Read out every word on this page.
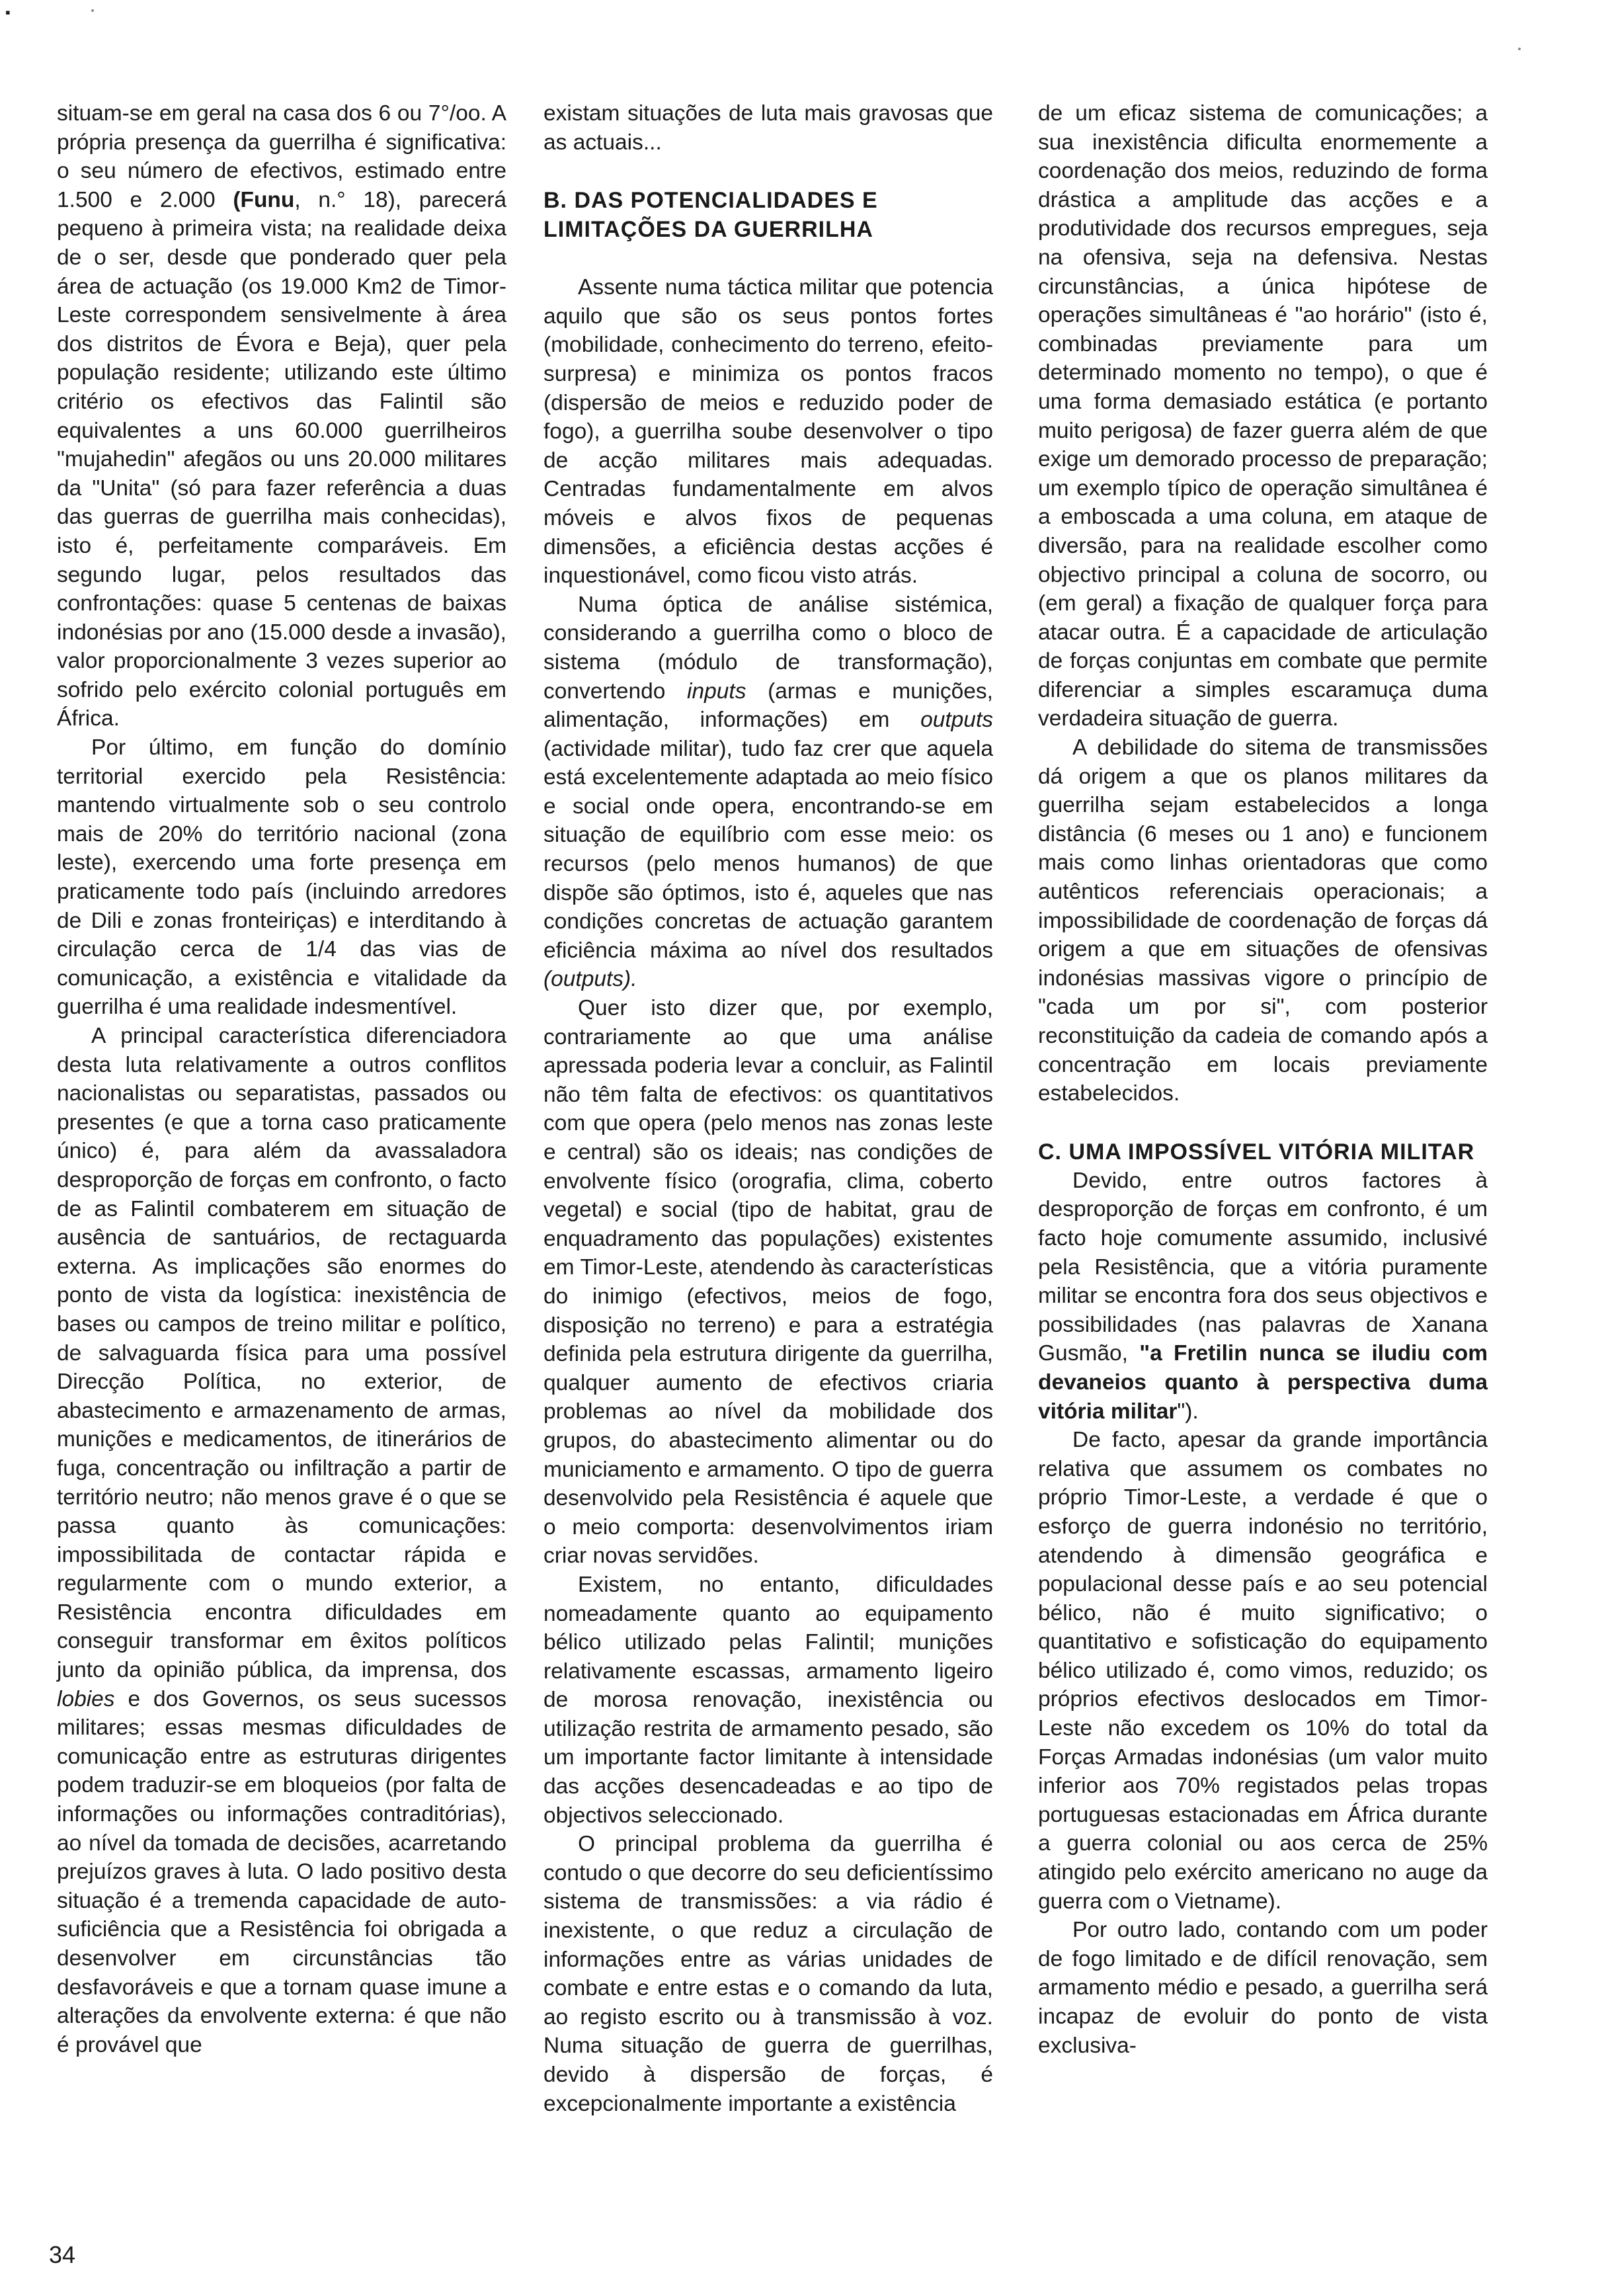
▪

situam-se em geral na casa dos 6 ou 7°/oo. A própria presença da guerrilha é significativa: o seu número de efectivos, estimado entre 1.500 e 2.000 (Funu, n.° 18), parecerá pequeno à primeira vista; na realidade deixa de o ser, desde que ponderado quer pela área de actuação (os 19.000 Km2 de Timor-Leste correspondem sensivelmente à área dos distritos de Évora e Beja), quer pela população residente; utilizando este último critério os efectivos das Falintil são equivalentes a uns 60.000 guerrilheiros "mujahedin" afegãos ou uns 20.000 militares da "Unita" (só para fazer referência a duas das guerras de guerrilha mais conhecidas), isto é, perfeitamente comparáveis. Em segundo lugar, pelos resultados das confrontações: quase 5 centenas de baixas indonésias por ano (15.000 desde a invasão), valor proporcionalmente 3 vezes superior ao sofrido pelo exército colonial português em África.

Por último, em função do domínio territorial exercido pela Resistência: mantendo virtualmente sob o seu controlo mais de 20% do território nacional (zona leste), exercendo uma forte presença em praticamente todo país (incluindo arredores de Dili e zonas fronteiriças) e interditando à circulação cerca de 1/4 das vias de comunicação, a existência e vitalidade da guerrilha é uma realidade indesmentível.

A principal característica diferenciadora desta luta relativamente a outros conflitos nacionalistas ou separatistas, passados ou presentes (e que a torna caso praticamente único) é, para além da avassaladora desproporção de forças em confronto, o facto de as Falintil combaterem em situação de ausência de santuários, de rectaguarda externa. As implicações são enormes do ponto de vista da logística: inexistência de bases ou campos de treino militar e político, de salvaguarda física para uma possível Direcção Política, no exterior, de abastecimento e armazenamento de armas, munições e medicamentos, de itinerários de fuga, concentração ou infiltração a partir de território neutro; não menos grave é o que se passa quanto às comunicações: impossibilitada de contactar rápida e regularmente com o mundo exterior, a Resistência encontra dificuldades em conseguir transformar em êxitos políticos junto da opinião pública, da imprensa, dos lobies e dos Governos, os seus sucessos militares; essas mesmas dificuldades de comunicação entre as estruturas dirigentes podem traduzir-se em bloqueios (por falta de informações ou informações contraditórias), ao nível da tomada de decisões, acarretando prejuízos graves à luta. O lado positivo desta situação é a tremenda capacidade de auto-suficiência que a Resistência foi obrigada a desenvolver em circunstâncias tão desfavoráveis e que a tornam quase imune a alterações da envolvente externa: é que não é provável que

existam situações de luta mais gravosas que as actuais...

B. DAS POTENCIALIDADES E LIMITAÇÕES DA GUERRILHA

Assente numa táctica militar que potencia aquilo que são os seus pontos fortes (mobilidade, conhecimento do terreno, efeito-surpresa) e minimiza os pontos fracos (dispersão de meios e reduzido poder de fogo), a guerrilha soube desenvolver o tipo de acção militares mais adequadas. Centradas fundamentalmente em alvos móveis e alvos fixos de pequenas dimensões, a eficiência destas acções é inquestionável, como ficou visto atrás.

Numa óptica de análise sistémica, considerando a guerrilha como o bloco de sistema (módulo de transformação), convertendo inputs (armas e munições, alimentação, informações) em outputs (actividade militar), tudo faz crer que aquela está excelentemente adaptada ao meio físico e social onde opera, encontrando-se em situação de equilíbrio com esse meio: os recursos (pelo menos humanos) de que dispõe são óptimos, isto é, aqueles que nas condições concretas de actuação garantem eficiência máxima ao nível dos resultados (outputs).

Quer isto dizer que, por exemplo, contrariamente ao que uma análise apressada poderia levar a concluir, as Falintil não têm falta de efectivos: os quantitativos com que opera (pelo menos nas zonas leste e central) são os ideais; nas condições de envolvente físico (orografia, clima, coberto vegetal) e social (tipo de habitat, grau de enquadramento das populações) existentes em Timor-Leste, atendendo às características do inimigo (efectivos, meios de fogo, disposição no terreno) e para a estratégia definida pela estrutura dirigente da guerrilha, qualquer aumento de efectivos criaria problemas ao nível da mobilidade dos grupos, do abastecimento alimentar ou do municiamento e armamento. O tipo de guerra desenvolvido pela Resistência é aquele que o meio comporta: desenvolvimentos iriam criar novas servidões.

Existem, no entanto, dificuldades nomeadamente quanto ao equipamento bélico utilizado pelas Falintil; munições relativamente escassas, armamento ligeiro de morosa renovação, inexistência ou utilização restrita de armamento pesado, são um importante factor limitante à intensidade das acções desencadeadas e ao tipo de objectivos seleccionado.

O principal problema da guerrilha é contudo o que decorre do seu deficientíssimo sistema de transmissões: a via rádio é inexistente, o que reduz a circulação de informações entre as várias unidades de combate e entre estas e o comando da luta, ao registo escrito ou à transmissão à voz. Numa situação de guerra de guerrilhas, devido à dispersão de forças, é excepcionalmente importante a existência

de um eficaz sistema de comunicações; a sua inexistência dificulta enormemente a coordenação dos meios, reduzindo de forma drástica a amplitude das acções e a produtividade dos recursos empregues, seja na ofensiva, seja na defensiva. Nestas circunstâncias, a única hipótese de operações simultâneas é "ao horário" (isto é, combinadas previamente para um determinado momento no tempo), o que é uma forma demasiado estática (e portanto muito perigosa) de fazer guerra além de que exige um demorado processo de preparação; um exemplo típico de operação simultânea é a emboscada a uma coluna, em ataque de diversão, para na realidade escolher como objectivo principal a coluna de socorro, ou (em geral) a fixação de qualquer força para atacar outra. É a capacidade de articulação de forças conjuntas em combate que permite diferenciar a simples escaramuça duma verdadeira situação de guerra.

A debilidade do sitema de transmissões dá origem a que os planos militares da guerrilha sejam estabelecidos a longa distância (6 meses ou 1 ano) e funcionem mais como linhas orientadoras que como autênticos referenciais operacionais; a impossibilidade de coordenação de forças dá origem a que em situações de ofensivas indonésias massivas vigore o princípio de "cada um por si", com posterior reconstituição da cadeia de comando após a concentração em locais previamente estabelecidos.

C. UMA IMPOSSÍVEL VITÓRIA MILITAR

Devido, entre outros factores à desproporção de forças em confronto, é um facto hoje comumente assumido, inclusivé pela Resistência, que a vitória puramente militar se encontra fora dos seus objectivos e possibilidades (nas palavras de Xanana Gusmão, "a Fretilin nunca se iludiu com devaneios quanto à perspectiva duma vitória militar").

De facto, apesar da grande importância relativa que assumem os combates no próprio Timor-Leste, a verdade é que o esforço de guerra indonésio no território, atendendo à dimensão geográfica e populacional desse país e ao seu potencial bélico, não é muito significativo; o quantitativo e sofisticação do equipamento bélico utilizado é, como vimos, reduzido; os próprios efectivos deslocados em Timor-Leste não excedem os 10% do total da Forças Armadas indonésias (um valor muito inferior aos 70% registados pelas tropas portuguesas estacionadas em África durante a guerra colonial ou aos cerca de 25% atingido pelo exército americano no auge da guerra com o Vietname).

Por outro lado, contando com um poder de fogo limitado e de difícil renovação, sem armamento médio e pesado, a guerrilha será incapaz de evoluir do ponto de vista exclusiva-

34
